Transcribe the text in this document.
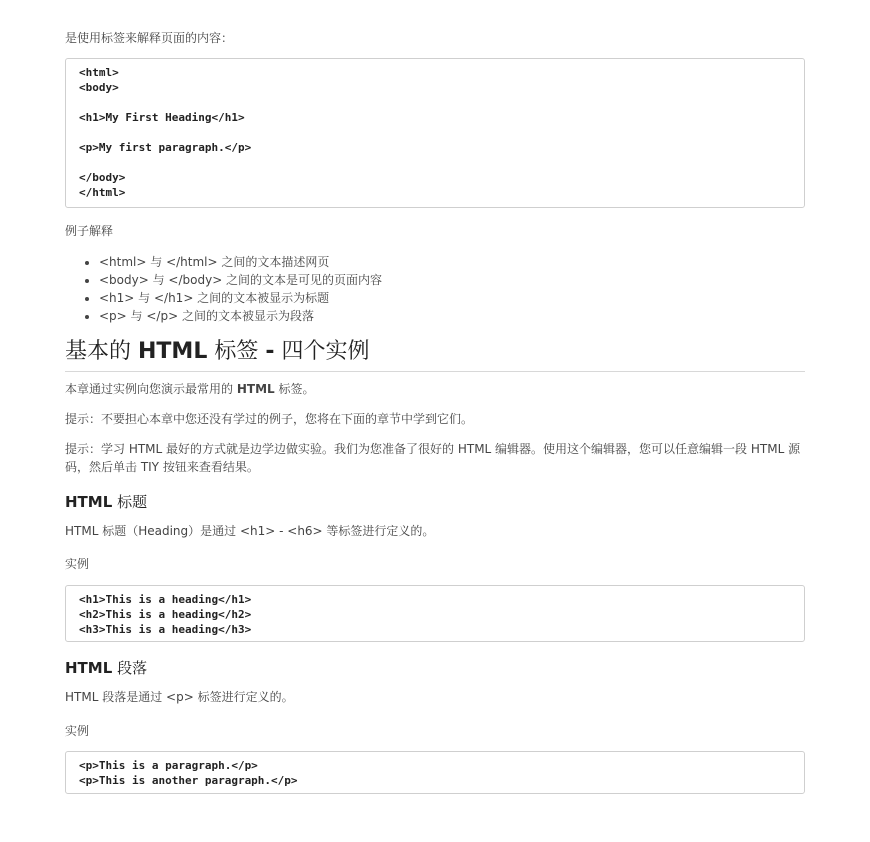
是使用标签来解释页面的内容：

<html>
<body>
<h1>My First Heading</h1>
<p>My first paragraph.</p>
</body>
</html>

例子解释

• <html> 与 </html> 之间的文本描述网页
• <body> 与 </body> 之间的文本是可见的页面内容
• <h1> 与 </h1> 之间的文本被显示为标题
• <p> 与 </p> 之间的文本被显示为段落
基本的 HTML 标签 - 四个实例

本章通过实例向您演示最常用的 HTML 标签。

提示：不要担心本章中您还没有学过的例子，您将在下面的章节中学到它们。

提示：学习 HTML 最好的方式就是边学边做实验。我们为您准备了很好的 HTML 编辑器。使用这个编辑器，您可以任意编辑一段 HTML 源码，然后单击 TIY 按钮来查看结果。

HTML 标题

HTML 标题（Heading）是通过 <h1> - <h6> 等标签进行定义的。

实例

<h1>This is a heading</h1>
<h2>This is a heading</h2>
<h3>This is a heading</h3>
HTML 段落

HTML 段落是通过 <p> 标签进行定义的。

实例

<p>This is a paragraph.</p>
<p>This is another paragraph.</p>
